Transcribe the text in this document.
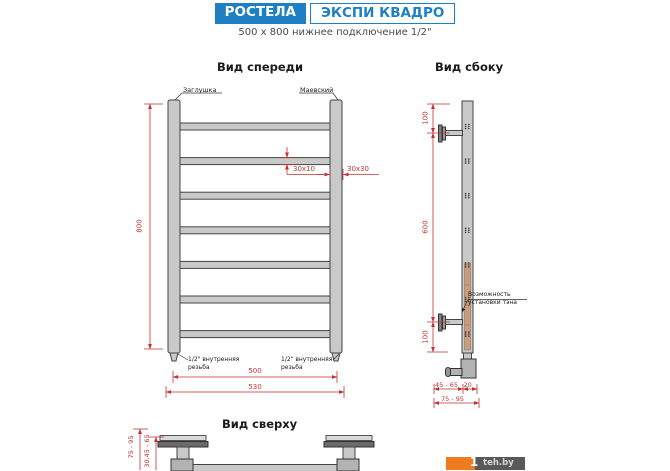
РОСТЕЛА	ЭКСПИ КВАДРО
500 x 800 нижнее подключение 1/2"
Вид спереди
Заглушка	Маевский
800
30x10	30x30
1/2" внутренняя резьба
1/2" внутренняя резьба
500
530
Вид сбоку
100
600
100
Возможность установки тэна
45 - 65 20
75 - 95
Вид сверху
75 - 95 30,45 - 65	teh.by
1
